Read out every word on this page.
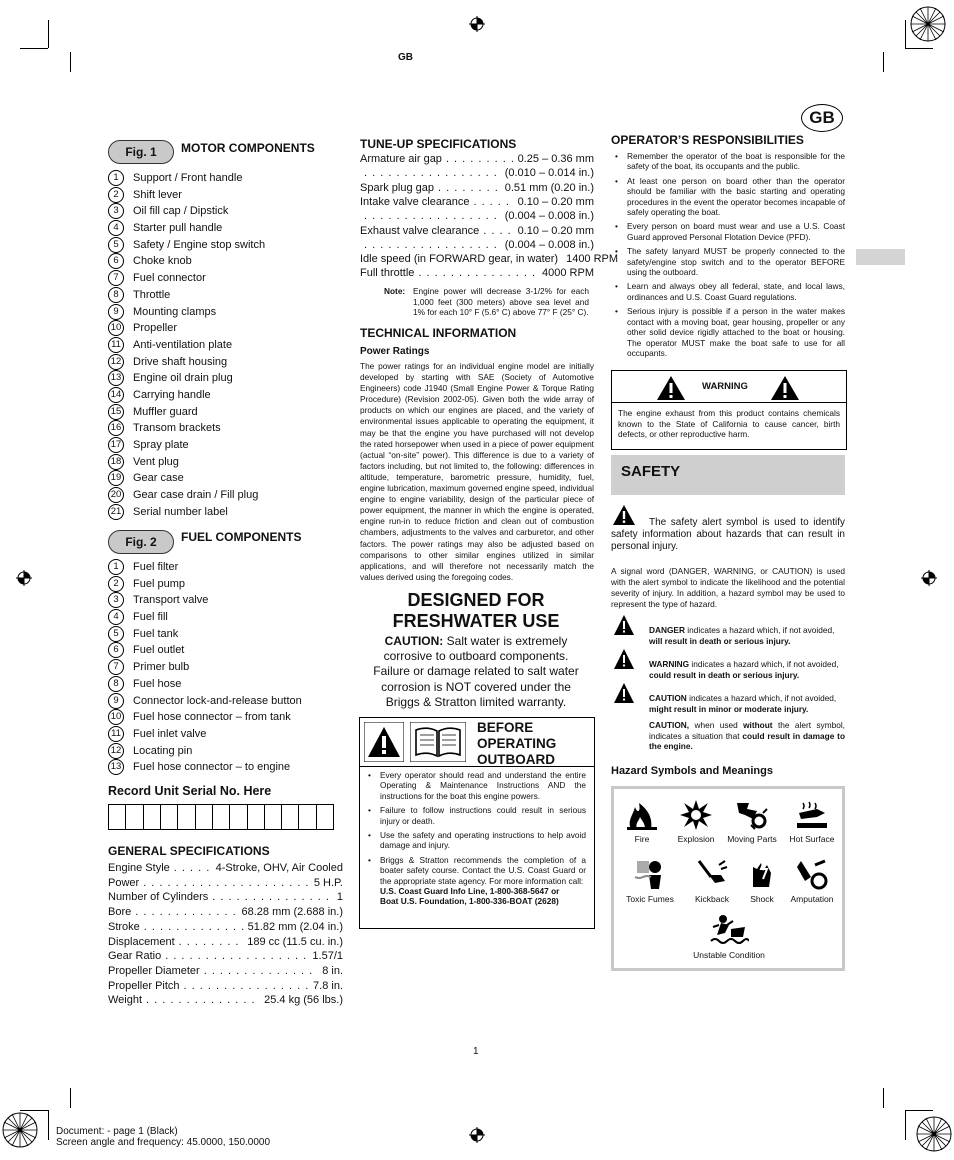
GB
GB
Fig. 1	MOTOR COMPONENTS
1	Support / Front handle
2	Shift lever
3	Oil fill cap / Dipstick
4	Starter pull handle
5	Safety / Engine stop switch
6	Choke knob
7	Fuel connector
8	Throttle
9	Mounting clamps
10 Propeller
11 Anti-ventilation plate
12 Drive shaft housing
13 Engine oil drain plug
14 Carrying handle
15 Muffler guard
16 Transom brackets
17 Spray plate
18 Vent plug
19 Gear case
20 Gear case drain / Fill plug
21 Serial number label
Fig. 2	FUEL COMPONENTS
1	Fuel filter
2	Fuel pump
3	Transport valve
4	Fuel fill
5	Fuel tank
6	Fuel outlet
7	Primer bulb
8	Fuel hose
9	Connector lock-and-release button
10 Fuel hose connector – from tank
11 Fuel inlet valve
12 Locating pin
13 Fuel hose connector – to engine
Record Unit Serial No. Here
GENERAL SPECIFICATIONS
Engine Style . . .	4-Stroke, OHV, Air Cooled
Power . . .	5 H.P.
Number of Cylinders . . .	1
Bore . . .	68.28 mm (2.688 in.)
Stroke . . .	51.82 mm (2.04 in.)
Displacement . . .	189 cc (11.5 cu. in.)
Gear Ratio . . .	1.57/1
Propeller Diameter . . .	8 in.
Propeller Pitch . . .	7.8 in.
Weight . . .	25.4 kg (56 lbs.)
TUNE-UP SPECIFICATIONS
Armature air gap . . .	0.25 – 0.36 mm
. . .
(0.010 – 0.014 in.)
Spark plug gap . . .	0.51 mm (0.20 in.)
Intake valve clearance . . .	0.10 – 0.20 mm
. . .
(0.004 – 0.008 in.)
Exhaust valve clearance . . .	0.10 – 0.20 mm
. . .
(0.004 – 0.008 in.)
Idle speed (in FORWARD gear, in water) 1400 RPM
Full throttle . . .	4000 RPM
Note: Engine power will decrease 3-1/2% for each 1,000 feet (300 meters) above sea level and 1% for each 10° F (5.6° C) above 77° F (25° C).
TECHNICAL INFORMATION
Power Ratings
The power ratings for an individual engine model are initially developed by starting with SAE (Society of Automotive Engineers) code J1940 (Small Engine Power & Torque Rating Procedure) (Revision 2002-05). Given both the wide array of products on which our engines are placed, and the variety of environmental issues applicable to operating the equipment, it may be that the engine you have purchased will not develop the rated horsepower when used in a piece of power equipment (actual “on-site” power). This difference is due to a variety of factors including, but not limited to, the following: differences in altitude, temperature, barometric pressure, humidity, fuel, engine lubrication, maximum governed engine speed, individual engine to engine variability, design of the particular piece of power equipment, the manner in which the engine is operated, engine run-in to reduce friction and clean out of combustion chambers, adjustments to the valves and carburetor, and other factors. The power ratings may also be adjusted based on comparisons to other similar engines utilized in similar applications, and will therefore not necessarily match the values derived using the foregoing codes.
DESIGNED FOR
FRESHWATER USE
CAUTION: Salt water is extremely
corrosive to outboard components.
Failure or damage related to salt water
corrosion is NOT covered under the
Briggs & Stratton limited warranty.
BEFORE
OPERATING
OUTBOARD
• Every operator should read and understand the entire Operating & Maintenance Instructions AND the instructions for the boat this engine powers.
• Failure to follow instructions could result in serious injury or death.
• Use the safety and operating instructions to help avoid damage and injury.
• Briggs & Stratton recommends the completion of a boater safety course. Contact the U.S. Coast Guard or the appropriate state agency. For more information call:
U.S. Coast Guard Info Line, 1-800-368-5647 or
Boat U.S. Foundation, 1-800-336-BOAT (2628)
OPERATOR’S RESPONSIBILITIES
• Remember the operator of the boat is responsible for the safety of the boat, its occupants and the public.
• At least one person on board other than the operator should be familiar with the basic starting and operating procedures in the event the operator becomes incapable of safely operating the boat.
• Every person on board must wear and use a U.S. Coast Guard approved Personal Flotation Device (PFD).
• The safety lanyard MUST be properly connected to the safety/engine stop switch and to the operator BEFORE using the outboard.
• Learn and always obey all federal, state, and local laws, ordinances and U.S. Coast Guard regulations.
• Serious injury is possible if a person in the water makes contact with a moving boat, gear housing, propeller or any other solid device rigidly attached to the boat or housing. The operator MUST make the boat safe to use for all occupants.
WARNING
The engine exhaust from this product contains chemicals known to the State of California to cause cancer, birth defects, or other reproductive harm.
SAFETY
The safety alert symbol is used to identify safety information about hazards that can result in personal injury.
A signal word (DANGER, WARNING, or CAUTION) is used with the alert symbol to indicate the likelihood and the potential severity of injury. In addition, a hazard symbol may be used to represent the type of hazard.
DANGER indicates a hazard which, if not avoided,
will result in death or serious injury.
WARNING indicates a hazard which, if not avoided,
could result in death or serious injury.
CAUTION indicates a hazard which, if not avoided,
might result in minor or moderate injury.
CAUTION, when used without the alert symbol, indicates a situation that could result in damage to the engine.
Hazard Symbols and Meanings
Fire	Explosion	Moving Parts	Hot Surface
Toxic Fumes	Kickback	Shock	Amputation
Unstable Condition
1
Document: - page 1 (Black)
Screen angle and frequency: 45.0000, 150.0000
